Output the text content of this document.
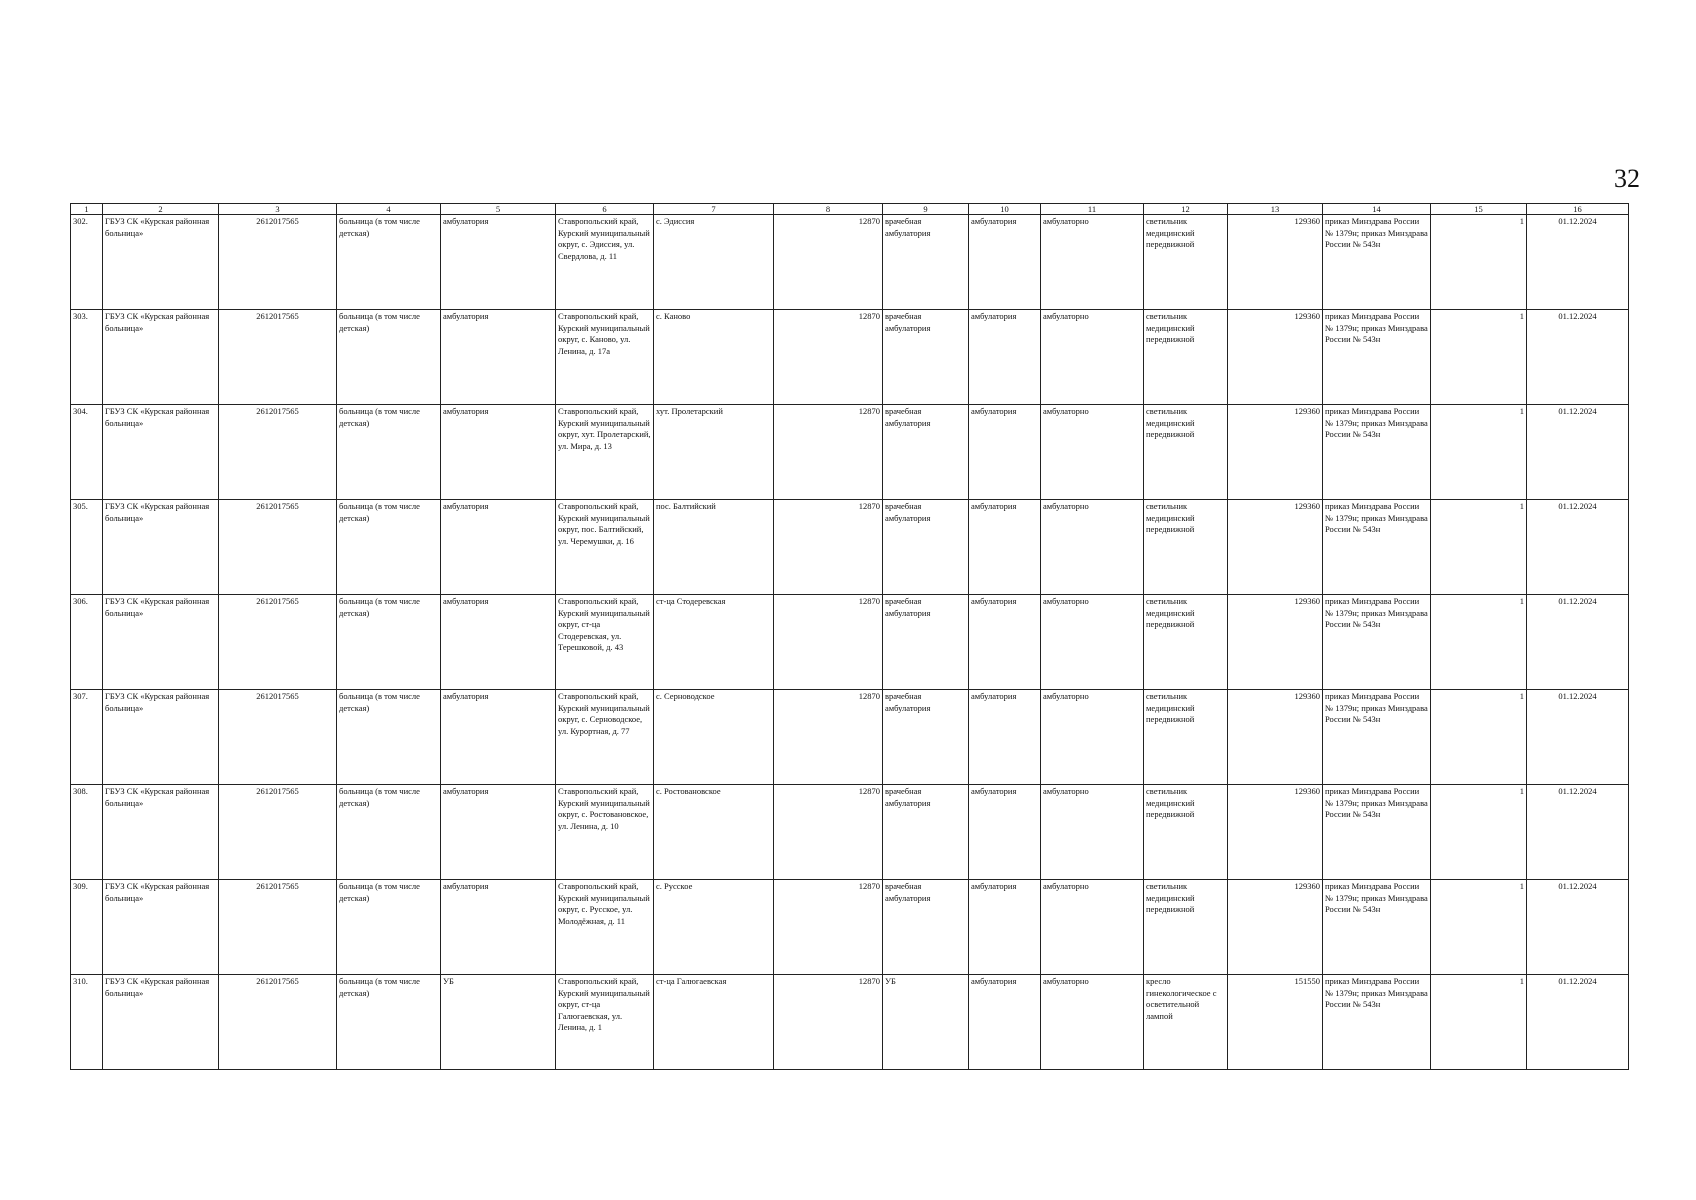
32
1	2	3	4	5	6	7	8	9	10	11	12	13	14	15	16
302.	ГБУЗ СК «Курская районная больница»	2612017565	больница (в том числе детская)	амбулатория	Ставропольский край, Курский муниципальный округ, с. Эдиссия, ул. Свердлова, д. 11	с. Эдиссия	12870	врачебная амбулатория	амбулатория	амбулаторно	светильник медицинский передвижной	129360	приказ Минздрава России № 1379н; приказ Минздрава России № 543н	1	01.12.2024
303.	ГБУЗ СК «Курская районная больница»	2612017565	больница (в том числе детская)	амбулатория	Ставропольский край, Курский муниципальный округ, с. Каново, ул. Ленина, д. 17а	с. Каново	12870	врачебная амбулатория	амбулатория	амбулаторно	светильник медицинский передвижной	129360	приказ Минздрава России № 1379н; приказ Минздрава России № 543н	1	01.12.2024
304.	ГБУЗ СК «Курская районная больница»	2612017565	больница (в том числе детская)	амбулатория	Ставропольский край, Курский муниципальный округ, хут. Пролетарский, ул. Мира, д. 13	хут. Пролетарский	12870	врачебная амбулатория	амбулатория	амбулаторно	светильник медицинский передвижной	129360	приказ Минздрава России № 1379н; приказ Минздрава России № 543н	1	01.12.2024
305.	ГБУЗ СК «Курская районная больница»	2612017565	больница (в том числе детская)	амбулатория	Ставропольский край, Курский муниципальный округ, пос. Балтийский, ул. Черемушки, д. 16	пос. Балтийский	12870	врачебная амбулатория	амбулатория	амбулаторно	светильник медицинский передвижной	129360	приказ Минздрава России № 1379н; приказ Минздрава России № 543н	1	01.12.2024
306.	ГБУЗ СК «Курская районная больница»	2612017565	больница (в том числе детская)	амбулатория	Ставропольский край, Курский муниципальный округ, ст-ца Стодеревская, ул. Терешковой, д. 43	ст-ца Стодеревская	12870	врачебная амбулатория	амбулатория	амбулаторно	светильник медицинский передвижной	129360	приказ Минздрава России № 1379н; приказ Минздрава России № 543н	1	01.12.2024
307.	ГБУЗ СК «Курская районная больница»	2612017565	больница (в том числе детская)	амбулатория	Ставропольский край, Курский муниципальный округ, с. Серноводское, ул. Курортная, д. 77	с. Серноводское	12870	врачебная амбулатория	амбулатория	амбулаторно	светильник медицинский передвижной	129360	приказ Минздрава России № 1379н; приказ Минздрава России № 543н	1	01.12.2024
308.	ГБУЗ СК «Курская районная больница»	2612017565	больница (в том числе детская)	амбулатория	Ставропольский край, Курский муниципальный округ, с. Ростовановское, ул. Ленина, д. 10	с. Ростовановское	12870	врачебная амбулатория	амбулатория	амбулаторно	светильник медицинский передвижной	129360	приказ Минздрава России № 1379н; приказ Минздрава России № 543н	1	01.12.2024
309.	ГБУЗ СК «Курская районная больница»	2612017565	больница (в том числе детская)	амбулатория	Ставропольский край, Курский муниципальный округ, с. Русское, ул. Молодёжная, д. 11	с. Русское	12870	врачебная амбулатория	амбулатория	амбулаторно	светильник медицинский передвижной	129360	приказ Минздрава России № 1379н; приказ Минздрава России № 543н	1	01.12.2024
310.	ГБУЗ СК «Курская районная больница»	2612017565	больница (в том числе детская)	УБ	Ставропольский край, Курский муниципальный округ, ст-ца Галюгаевская, ул. Ленина, д. 1	ст-ца Галюгаевская	12870	УБ	амбулатория	амбулаторно	кресло гинекологическое с осветительной лампой	151550	приказ Минздрава России № 1379н; приказ Минздрава России № 543н	1	01.12.2024
